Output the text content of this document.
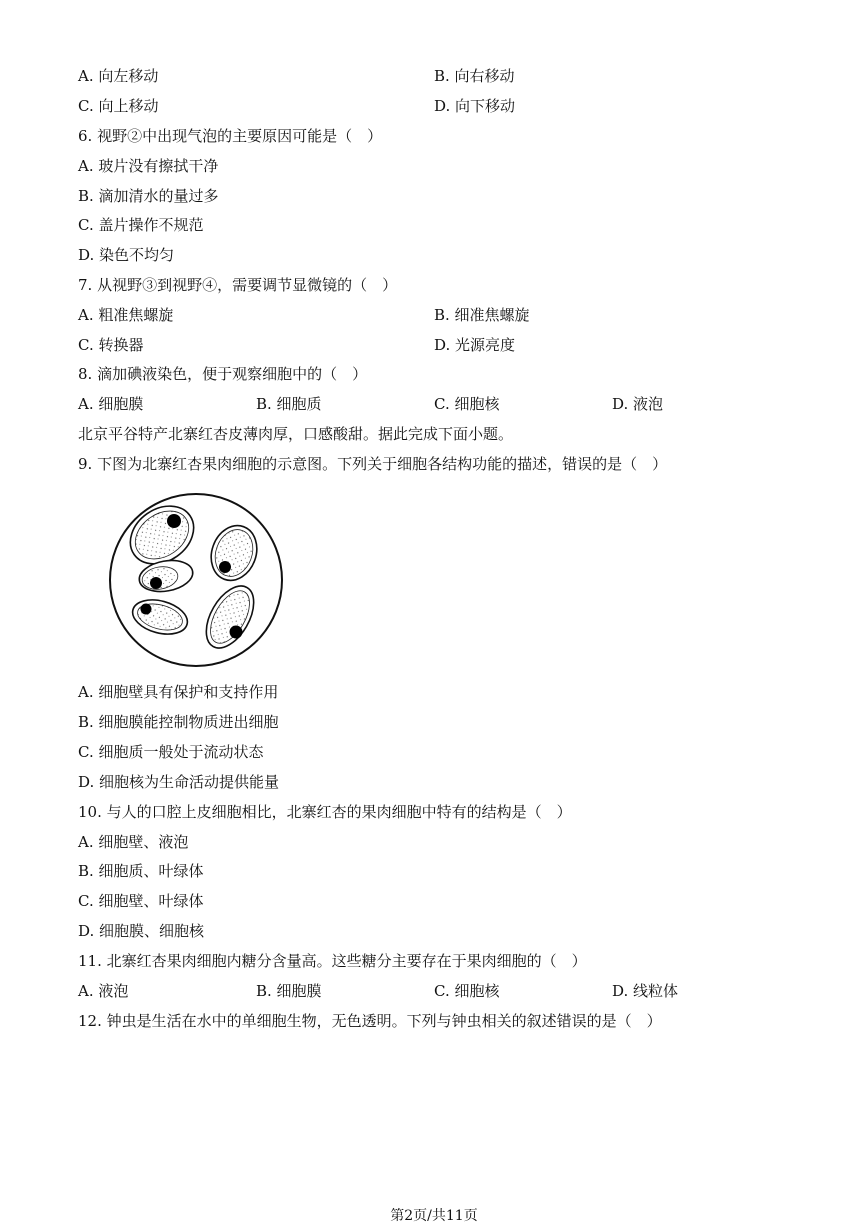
A. 向左移动	B. 向右移动
C. 向上移动	D. 向下移动
6. 视野②中出现气泡的主要原因可能是（　）
A. 玻片没有擦拭干净
B. 滴加清水的量过多
C. 盖片操作不规范
D. 染色不均匀
7. 从视野③到视野④，需要调节显微镜的（　）
A. 粗准焦螺旋	B. 细准焦螺旋
C. 转换器	D. 光源亮度
8. 滴加碘液染色，便于观察细胞中的（　）
A. 细胞膜	B. 细胞质	C. 细胞核	D. 液泡
北京平谷特产北寨红杏皮薄肉厚，口感酸甜。据此完成下面小题。
9. 下图为北寨红杏果肉细胞的示意图。下列关于细胞各结构功能的描述，错误的是（　）
A. 细胞壁具有保护和支持作用
B. 细胞膜能控制物质进出细胞
C. 细胞质一般处于流动状态
D. 细胞核为生命活动提供能量
10. 与人的口腔上皮细胞相比，北寨红杏的果肉细胞中特有的结构是（　）
A. 细胞壁、液泡
B. 细胞质、叶绿体
C. 细胞壁、叶绿体
D. 细胞膜、细胞核
11. 北寨红杏果肉细胞内糖分含量高。这些糖分主要存在于果肉细胞的（　）
A. 液泡	B. 细胞膜	C. 细胞核	D. 线粒体
12. 钟虫是生活在水中的单细胞生物，无色透明。下列与钟虫相关的叙述错误的是（　）
第2页/共11页
